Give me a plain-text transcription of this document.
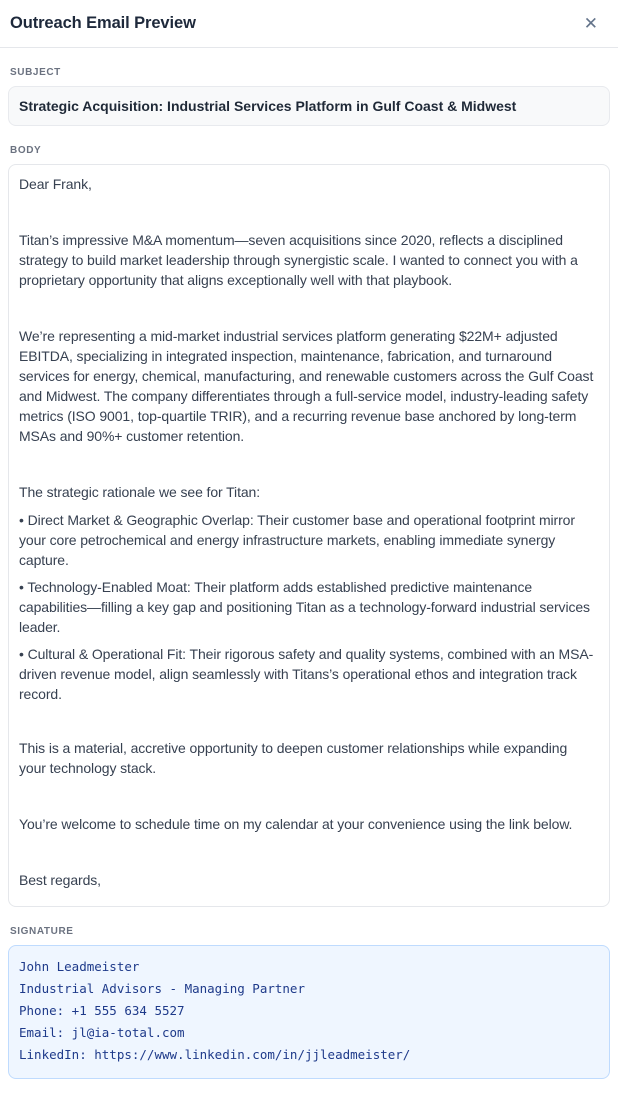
Outreach Email Preview	✕
SUBJECT
Strategic Acquisition: Industrial Services Platform in Gulf Coast & Midwest
BODY

Dear Frank,

Titan’s impressive M&A momentum—seven acquisitions since 2020, reflects a disciplined strategy to build market leadership through synergistic scale. I wanted to connect you with a proprietary opportunity that aligns exceptionally well with that playbook.

We’re representing a mid-market industrial services platform generating $22M+ adjusted EBITDA, specializing in integrated inspection, maintenance, fabrication, and turnaround services for energy, chemical, manufacturing, and renewable customers across the Gulf Coast and Midwest. The company differentiates through a full-service model, industry-leading safety metrics (ISO 9001, top-quartile TRIR), and a recurring revenue base anchored by long-term MSAs and 90%+ customer retention.

The strategic rationale we see for Titan:

• Direct Market & Geographic Overlap: Their customer base and operational footprint mirror your core petrochemical and energy infrastructure markets, enabling immediate synergy capture.

• Technology-Enabled Moat: Their platform adds established predictive maintenance capabilities—filling a key gap and positioning Titan as a technology-forward industrial services leader.

• Cultural & Operational Fit: Their rigorous safety and quality systems, combined with an MSA-driven revenue model, align seamlessly with Titans’s operational ethos and integration track record.

This is a material, accretive opportunity to deepen customer relationships while expanding your technology stack.

You’re welcome to schedule time on my calendar at your convenience using the link below.

Best regards,

SIGNATURE

John Leadmeister

Industrial Advisors - Managing Partner

Phone: +1 555 634 5527

Email: jl@ia-total.com

LinkedIn: https://www.linkedin.com/in/jjleadmeister/
